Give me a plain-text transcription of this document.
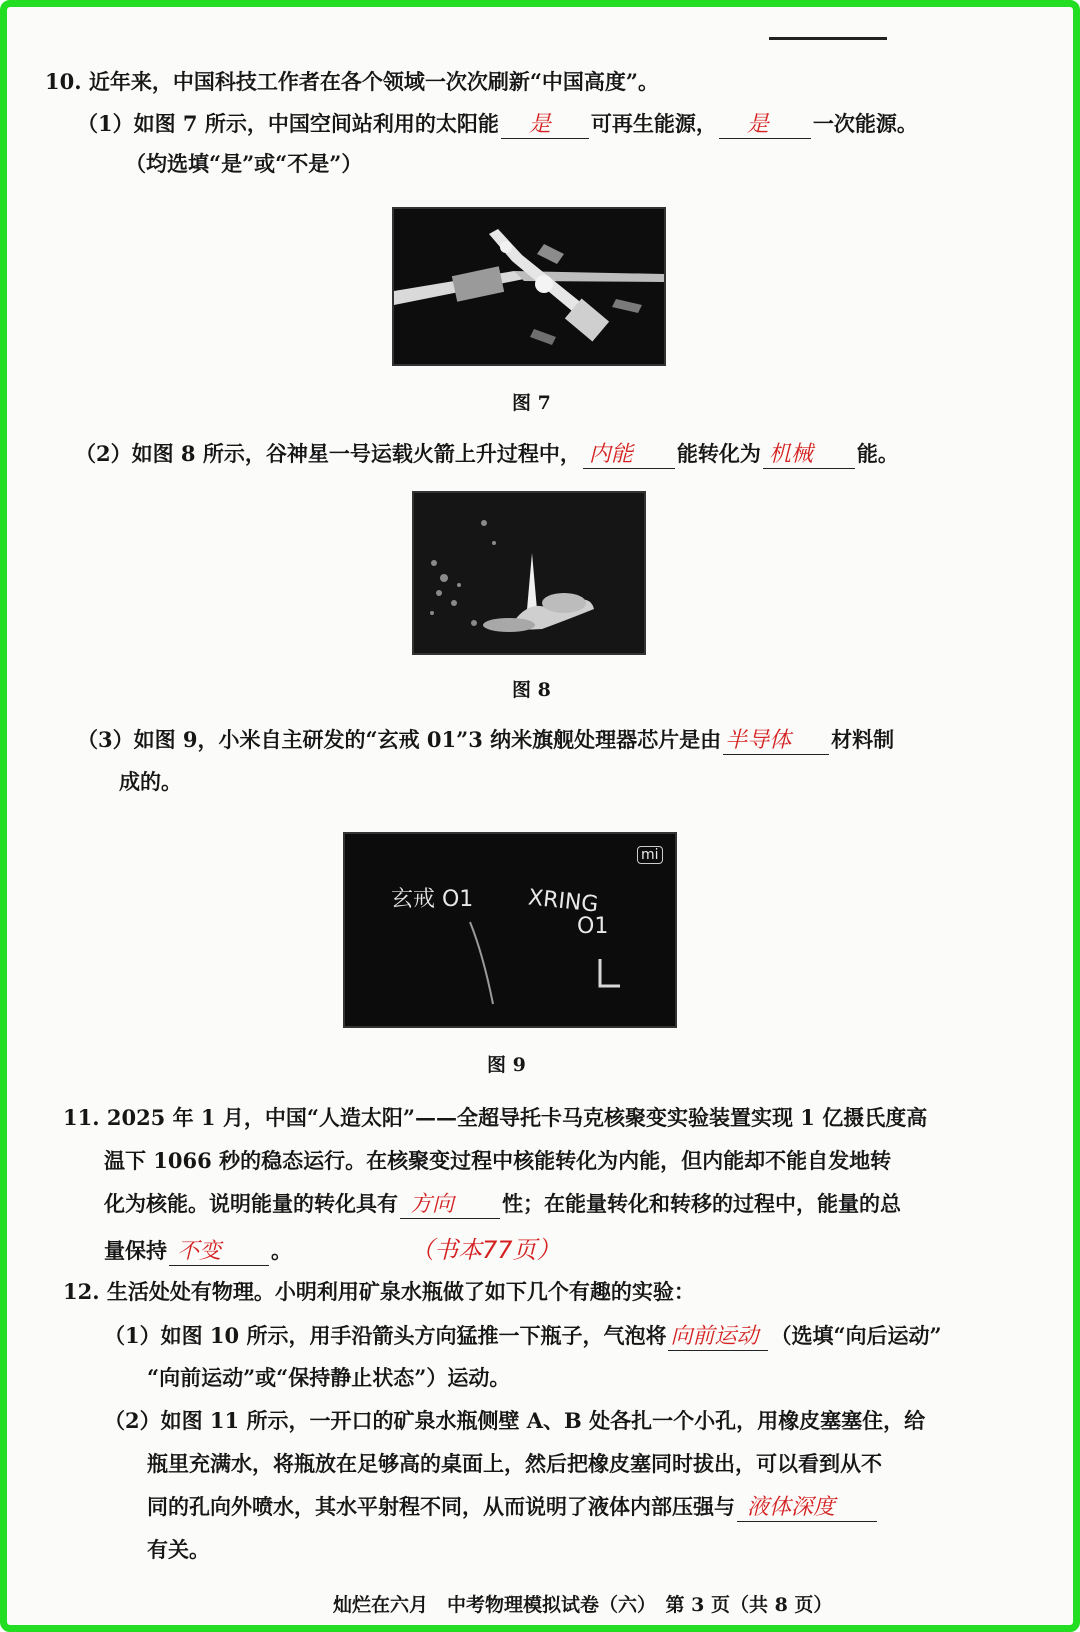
10. 近年来，中国科技工作者在各个领域一次次刷新“中国高度”。
（1）如图 7 所示，中国空间站利用的太阳能 是 可再生能源， 是 一次能源。
（均选填“是”或“不是”）
图 7
（2）如图 8 所示，谷神星一号运载火箭上升过程中， 内能 能转化为 机械 能。
图 8
（3）如图 9，小米自主研发的“玄戒 01”3 纳米旗舰处理器芯片是由 半导体 材料制
成的。
玄戒 O1 XRING
O1
mi
图 9
11. 2025 年 1 月，中国“人造太阳”——全超导托卡马克核聚变实验装置实现 1 亿摄氏度高
温下 1066 秒的稳态运行。在核聚变过程中核能转化为内能，但内能却不能自发地转
化为核能。说明能量的转化具有 方向 性；在能量转化和转移的过程中，能量的总
量保持 不变 。	（书本77页）
12. 生活处处有物理。小明利用矿泉水瓶做了如下几个有趣的实验：
（1）如图 10 所示，用手沿箭头方向猛推一下瓶子，气泡将 向前运动 （选填“向后运动”
“向前运动”或“保持静止状态”）运动。
（2）如图 11 所示，一开口的矿泉水瓶侧壁 A、B 处各扎一个小孔，用橡皮塞塞住，给
瓶里充满水，将瓶放在足够高的桌面上，然后把橡皮塞同时拔出，可以看到从不
同的孔向外喷水，其水平射程不同，从而说明了液体内部压强与 液体深度
有关。
灿烂在六月　中考物理模拟试卷（六）　第 3 页（共 8 页）
